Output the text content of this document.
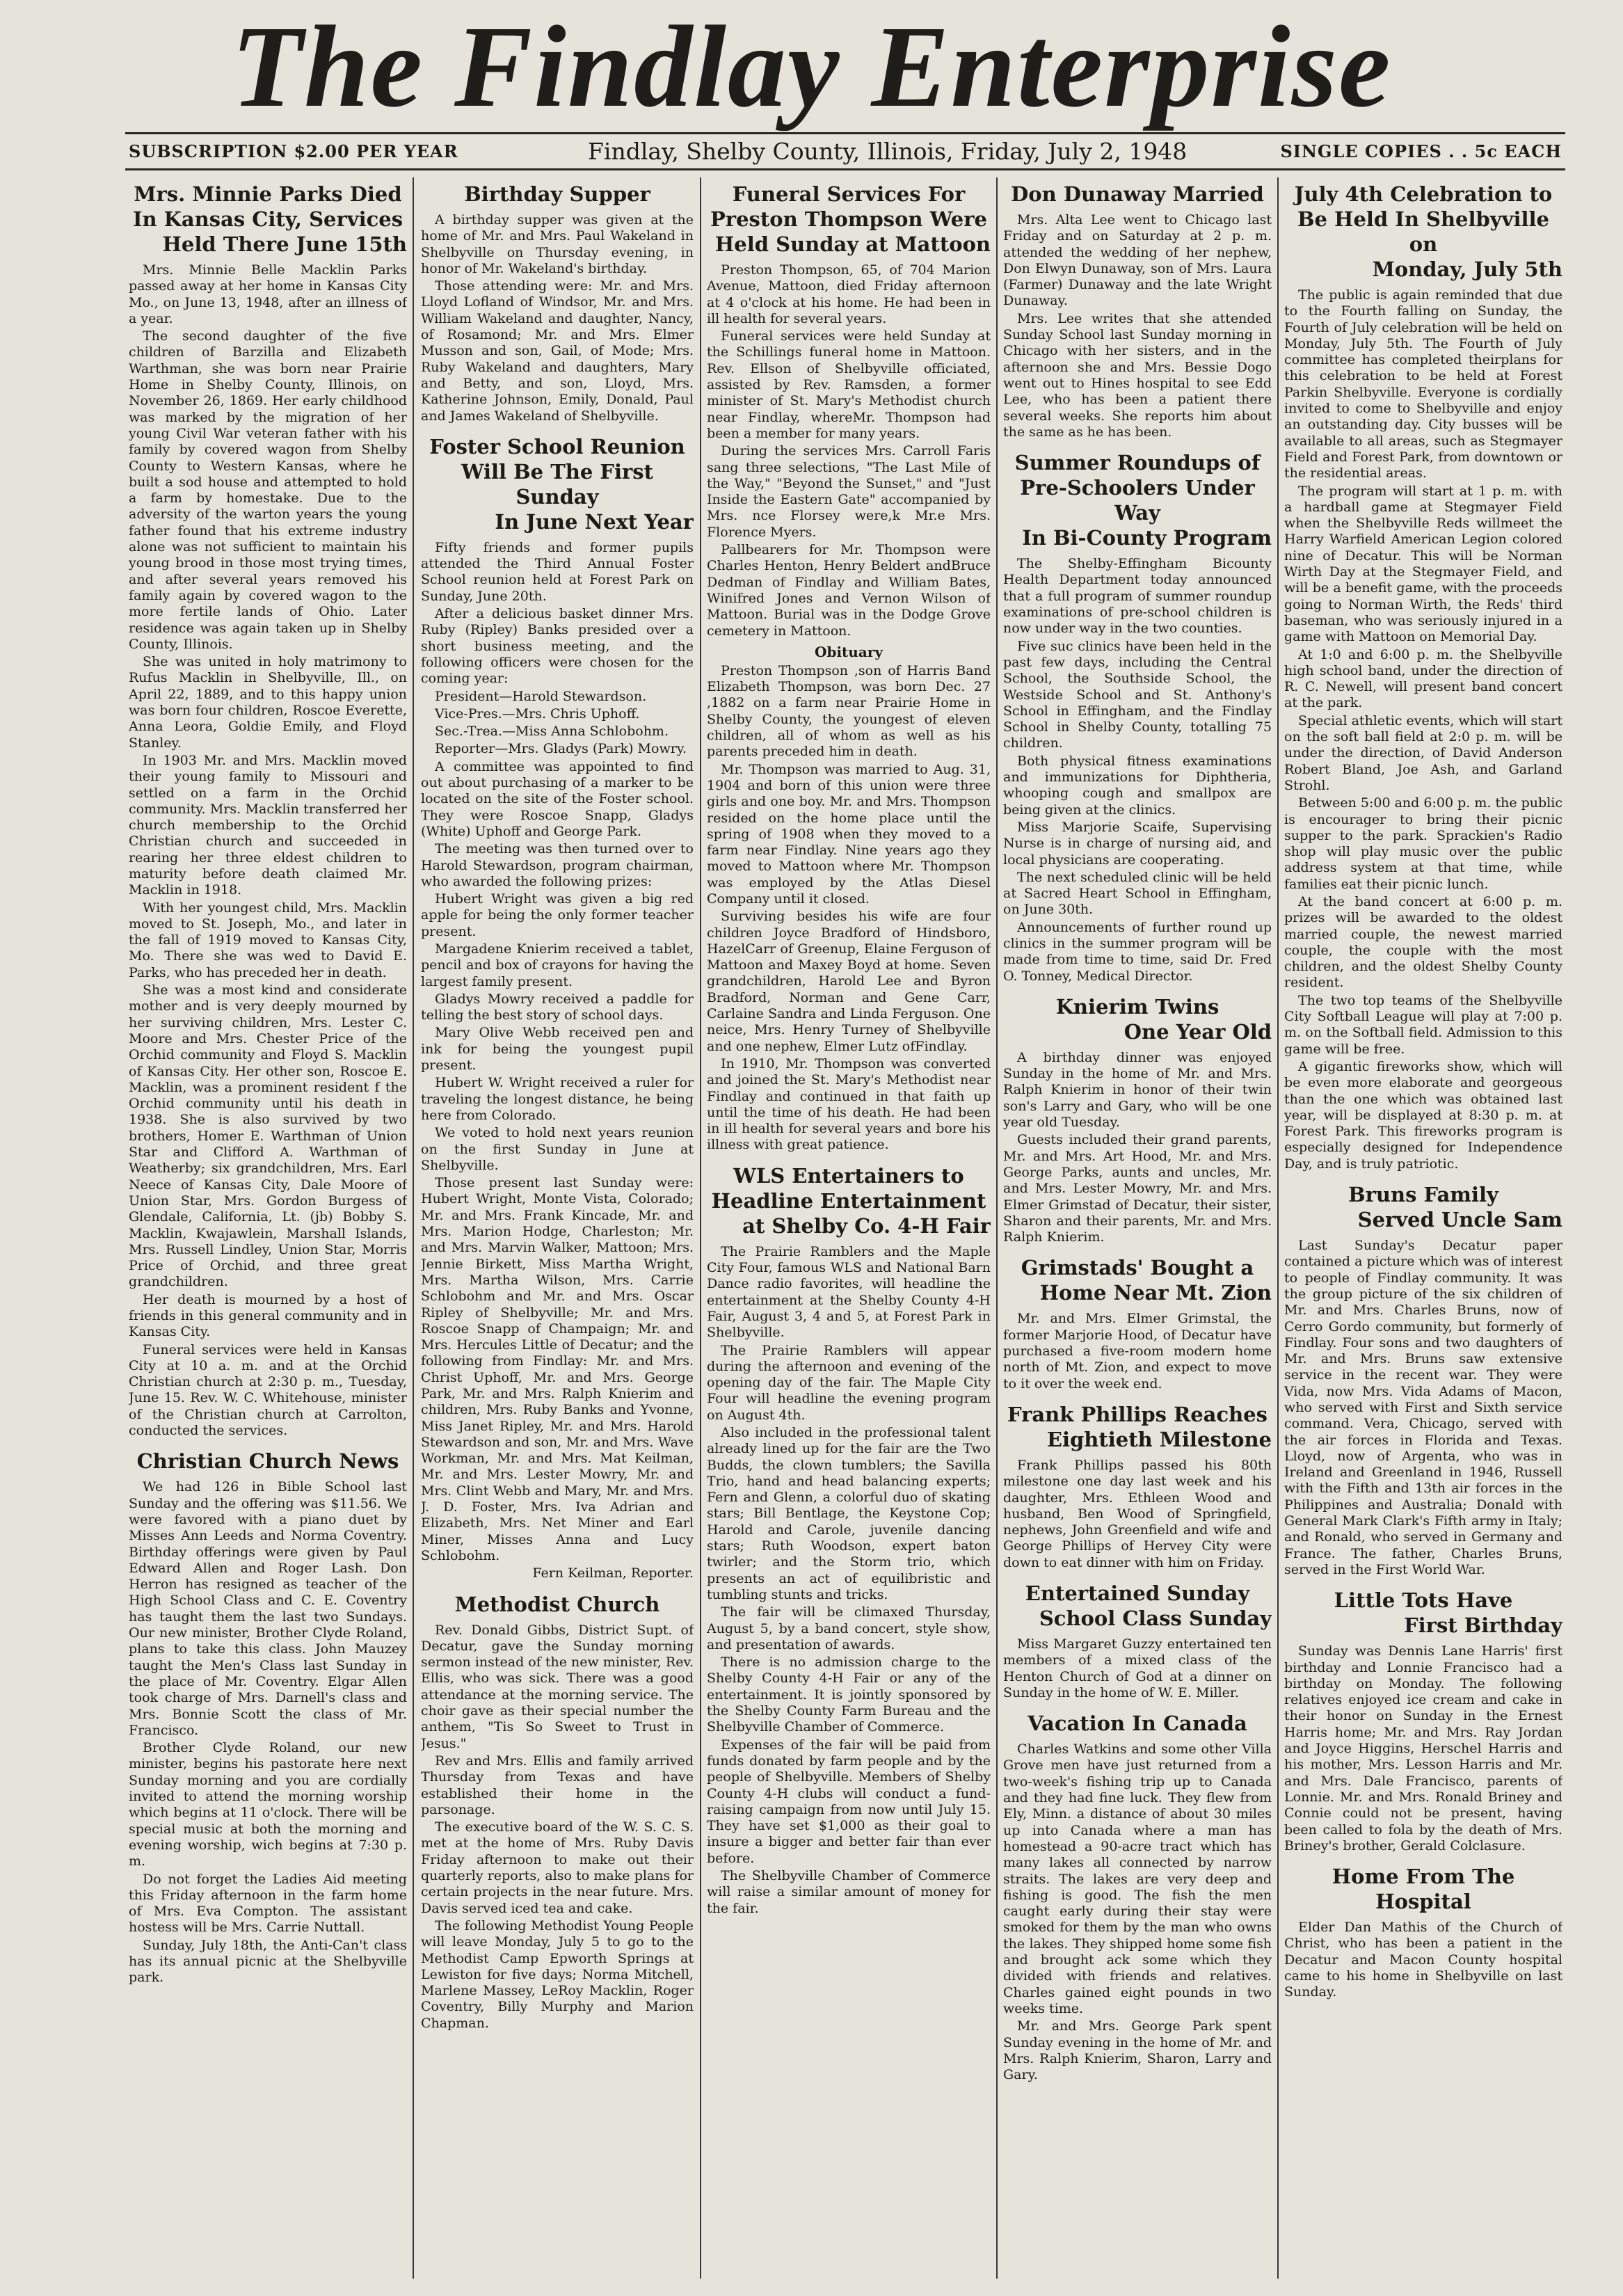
The Findlay Enterprise
SUBSCRIPTION $2.00 PER YEAR	Findlay, Shelby County, Illinois, Friday, July 2, 1948	SINGLE COPIES . . 5c EACH
Mrs. Minnie Parks Died In Kansas City, Services
Held There June 15th

Mrs. Minnie Belle Macklin Parks passed away at her home in Kansas City Mo., on June 13, 1948, after an illness of a year.

The second daughter of the five children of Barzilla and Elizabeth Warthman, she was born near Prairie Home in Shelby County, Illinois, on November 26, 1869. Her early childhood was marked by the migration of her young Civil War veteran father with his family by covered wagon from Shelby County to Western Kansas, where he built a sod house and attempted to hold a farm by homestake. Due to the adversity of the warton years the young father found that his extreme industry alone was not sufficient to maintain his young brood in those most trying times, and after several years removed his family again by covered wagon to the more fertile lands of Ohio. Later residence was again taken up in Shelby County, Illinois.

She was united in holy matrimony to Rufus Macklin in Shelbyville, Ill., on April 22, 1889, and to this happy union was born four children, Roscoe Everette, Anna Leora, Goldie Emily, and Floyd Stanley.

In 1903 Mr. and Mrs. Macklin moved their young family to Missouri and settled on a farm in the Orchid community. Mrs. Macklin transferred her church membership to the Orchid Christian church and succeeded in rearing her three eldest children to maturity before death claimed Mr. Macklin in 1918.

With her youngest child, Mrs. Macklin moved to St. Joseph, Mo., and later in the fall of 1919 moved to Kansas City, Mo. There she was wed to David E. Parks, who has preceded her in death.

She was a most kind and considerate mother and is very deeply mourned by her surviving children, Mrs. Lester C. Moore and Mrs. Chester Price of the Orchid community and Floyd S. Macklin of Kansas City. Her other son, Roscoe E. Macklin, was a prominent resident f the Orchid community until his death in 1938. She is also survived by two brothers, Homer E. Warthman of Union Star and Clifford A. Warthman of Weatherby; six grandchildren, Mrs. Earl Neece of Kansas City, Dale Moore of Union Star, Mrs. Gordon Burgess of Glendale, California, Lt. (jb) Bobby S. Macklin, Kwajawlein, Marshall Islands, Mrs. Russell Lindley, Union Star, Morris Price of Orchid, and three great grandchildren.

Her death is mourned by a host of friends in this general community and in Kansas City.

Funeral services were held in Kansas City at 10 a. m. and at the Orchid Christian church at 2:30 p. m., Tuesday, June 15. Rev. W. C. Whitehouse, minister of the Christian church at Carrolton, conducted the services.

Christian Church News

We had 126 in Bible School last Sunday and the offering was $11.56. We were favored with a piano duet by Misses Ann Leeds and Norma Coventry. Birthday offerings were given by Paul Edward Allen and Roger Lash. Don Herron has resigned as teacher of the High School Class and C. E. Coventry has taught them the last two Sundays. Our new minister, Brother Clyde Roland, plans to take this class. John Mauzey taught the Men's Class last Sunday in the place of Mr. Coventry. Elgar Allen took charge of Mrs. Darnell's class and Mrs. Bonnie Scott the class of Mr. Francisco.

Brother Clyde Roland, our new minister, begins his pastorate here next Sunday morning and you are cordially invited to attend the morning worship which begins at 11 o'clock. There will be special music at both the morning and evening worship, wich begins at 7:30 p. m.

Do not forget the Ladies Aid meeting this Friday afternoon in the farm home of Mrs. Eva Compton. The assistant hostess will be Mrs. Carrie Nuttall.

Sunday, July 18th, the Anti-Can't class has its annual picnic at the Shelbyville park.

Birthday Supper

A birthday supper was given at the home of Mr. and Mrs. Paul Wakeland in Shelbyville on Thursday evening, in honor of Mr. Wakeland's birthday.

Those attending were: Mr. and Mrs. Lloyd Lofland of Windsor, Mr. and Mrs. William Wakeland and daughter, Nancy, of Rosamond; Mr. and Mrs. Elmer Musson and son, Gail, of Mode; Mrs. Ruby Wakeland and daughters, Mary and Betty, and son, Lloyd, Mrs. Katherine Johnson, Emily, Donald, Paul and James Wakeland of Shelbyville.

Foster School Reunion Will Be The First Sunday
In June Next Year

Fifty friends and former pupils attended the Third Annual Foster School reunion held at Forest Park on Sunday, June 20th.

After a delicious basket dinner Mrs. Ruby (Ripley) Banks presided over a short business meeting, and the following officers were chosen for the coming year:

President—Harold Stewardson.

Vice-Pres.—Mrs. Chris Uphoff.

Sec.-Trea.—Miss Anna Schlobohm.

Reporter—Mrs. Gladys (Park) Mowry.

A committee was appointed to find out about purchasing of a marker to be located on the site of the Foster school. They were Roscoe Snapp, Gladys (White) Uphoff and George Park.

The meeting was then turned over to Harold Stewardson, program chairman, who awarded the following prizes:

Hubert Wright was given a big red apple for being the only former teacher present.

Margadene Knierim received a tablet, pencil and box of crayons for having the largest family present.

Gladys Mowry received a paddle for telling the best story of school days.

Mary Olive Webb received pen and ink for being the youngest pupil present.

Hubert W. Wright received a ruler for traveling the longest distance, he being here from Colorado.

We voted to hold next years reunion on the first Sunday in June at Shelbyville.

Those present last Sunday were: Hubert Wright, Monte Vista, Colorado; Mr. and Mrs. Frank Kincade, Mr. and Mrs. Marion Hodge, Charleston; Mr. and Mrs. Marvin Walker, Mattoon; Mrs. Jennie Birkett, Miss Martha Wright, Mrs. Martha Wilson, Mrs. Carrie Schlobohm and Mr. and Mrs. Oscar Ripley of Shelbyville; Mr. and Mrs. Roscoe Snapp of Champaign; Mr. and Mrs. Hercules Little of Decatur; and the following from Findlay: Mr. and Mrs. Christ Uphoff, Mr. and Mrs. George Park, Mr. and Mrs. Ralph Knierim and children, Mrs. Ruby Banks and Yvonne, Miss Janet Ripley, Mr. and Mrs. Harold Stewardson and son, Mr. and Mrs. Wave Workman, Mr. and Mrs. Mat Keilman, Mr. and Mrs. Lester Mowry, Mr. and Mrs. Clint Webb and Mary, Mr. and Mrs. J. D. Foster, Mrs. Iva Adrian and Elizabeth, Mrs. Net Miner and Earl Miner, Misses Anna and Lucy Schlobohm.

Fern Keilman, Reporter.

Methodist Church

Rev. Donald Gibbs, District Supt. of Decatur, gave the Sunday morning sermon instead of the new minister, Rev. Ellis, who was sick. There was a good attendance at the morning service. The choir gave as their special number the anthem, "Tis So Sweet to Trust in Jesus."

Rev and Mrs. Ellis and family arrived Thursday from Texas and have established their home in the parsonage.

The executive board of the W. S. C. S. met at the home of Mrs. Ruby Davis Friday afternoon to make out their quarterly reports, also to make plans for certain projects in the near future. Mrs. Davis served iced tea and cake.

The following Methodist Young People will leave Monday, July 5 to go to the Methodist Camp Epworth Springs at Lewiston for five days; Norma Mitchell, Marlene Massey, LeRoy Macklin, Roger Coventry, Billy Murphy and Marion Chapman.

Funeral Services For Preston Thompson Were
Held Sunday at Mattoon

Preston Thompson, 65, of 704 Marion Avenue, Mattoon, died Friday afternoon at 4 o'clock at his home. He had been in ill health for several years.

Funeral services were held Sunday at the Schillings funeral home in Mattoon. Rev. Ellson of Shelbyville officiated, assisted by Rev. Ramsden, a former minister of St. Mary's Methodist church near Findlay, whereMr. Thompson had been a member for many years.

During the services Mrs. Carroll Faris sang three selections, "The Last Mile of the Way," "Beyond the Sunset," and "Just Inside the Eastern Gate" accompanied by Mrs. nce Florsey were,k Mr.e Mrs. Florence Myers.

Pallbearers for Mr. Thompson were Charles Henton, Henry Beldert andBruce Dedman of Findlay and William Bates, Winifred Jones and Vernon Wilson of Mattoon. Burial was in the Dodge Grove cemetery in Mattoon.

Obituary

Preston Thompson ,son of Harris Band Elizabeth Thompson, was born Dec. 27 ,1882 on a farm near Prairie Home in Shelby County, the youngest of eleven children, all of whom as well as his parents preceded him in death.

Mr. Thompson was married to Aug. 31, 1904 and born of this union were three girls and one boy. Mr. and Mrs. Thompson resided on the home place until the spring of 1908 when they moved to a farm near Findlay. Nine years ago they moved to Mattoon where Mr. Thompson was employed by the Atlas Diesel Company until it closed.

Surviving besides his wife are four children Joyce Bradford of Hindsboro, HazelCarr of Greenup, Elaine Ferguson of Mattoon and Maxey Boyd at home. Seven grandchildren, Harold Lee and Byron Bradford, Norman and Gene Carr, Carlaine Sandra and Linda Ferguson. One neice, Mrs. Henry Turney of Shelbyville and one nephew, Elmer Lutz ofFindlay.

In 1910, Mr. Thompson was converted and joined the St. Mary's Methodist near Findlay and continued in that faith up until the time of his death. He had been in ill health for several years and bore his illness with great patience.

WLS Entertainers to Headline Entertainment
at Shelby Co. 4-H Fair

The Prairie Ramblers and the Maple City Four, famous WLS and National Barn Dance radio favorites, will headline the entertainment at the Shelby County 4-H Fair, August 3, 4 and 5, at Forest Park in Shelbyville.

The Prairie Ramblers will appear during the afternoon and evening of the opening day of the fair. The Maple City Four will headline the evening program on August 4th.

Also included in the professional talent already lined up for the fair are the Two Budds, the clown tumblers; the Savilla Trio, hand and head balancing experts; Fern and Glenn, a colorful duo of skating stars; Bill Bentlage, the Keystone Cop; Harold and Carole, juvenile dancing stars; Ruth Woodson, expert baton twirler; and the Storm trio, which presents an act of equilibristic and tumbling stunts and tricks.

The fair will be climaxed Thursday, August 5, by a band concert, style show, and presentation of awards.

There is no admission charge to the Shelby County 4-H Fair or any of the entertainment. It is jointly sponsored by the Shelby County Farm Bureau and the Shelbyville Chamber of Commerce.

Expenses of the fair will be paid from funds donated by farm people and by the people of Shelbyville. Members of Shelby County 4-H clubs will conduct a fund-raising campaign from now until July 15. They have set $1,000 as their goal to insure a bigger and better fair than ever before.

The Shelbyville Chamber of Commerce will raise a similar amount of money for the fair.

Don Dunaway Married

Mrs. Alta Lee went to Chicago last Friday and on Saturday at 2 p. m. attended the wedding of her nephew, Don Elwyn Dunaway, son of Mrs. Laura (Farmer) Dunaway and the late Wright Dunaway.

Mrs. Lee writes that she attended Sunday School last Sunday morning in Chicago with her sisters, and in the afternoon she and Mrs. Bessie Dogo went out to Hines hospital to see Edd Lee, who has been a patient there several weeks. She reports him about the same as he has been.

Summer Roundups of Pre-Schoolers Under Way
In Bi-County Program

The Shelby-Effingham Bicounty Health Department today announced that a full program of summer roundup examinations of pre-school children is now under way in the two counties.

Five suc clinics have been held in the past few days, including the Central School, the Southside School, the Westside School and St. Anthony's School in Effingham, and the Findlay School in Shelby County, totalling 75 children.

Both physical fitness examinations and immunizations for Diphtheria, whooping cough and smallpox are being given at the clinics.

Miss Marjorie Scaife, Supervising Nurse is in charge of nursing aid, and local physicians are cooperating.

The next scheduled clinic will be held at Sacred Heart School in Effingham, on June 30th.

Announcements of further round up clinics in the summer program will be made from time to time, said Dr. Fred O. Tonney, Medical Director.

Knierim Twins
One Year Old

A birthday dinner was enjoyed Sunday in the home of Mr. and Mrs. Ralph Knierim in honor of their twin son's Larry and Gary, who will be one year old Tuesday.

Guests included their grand parents, Mr. and Mrs. Art Hood, Mr. and Mrs. George Parks, aunts and uncles, Mr. and Mrs. Lester Mowry, Mr. and Mrs. Elmer Grimstad of Decatur, their sister, Sharon and their parents, Mr. and Mrs. Ralph Knierim.

Grimstads' Bought a
Home Near Mt. Zion

Mr. and Mrs. Elmer Grimstal, the former Marjorie Hood, of Decatur have purchased a five-room modern home north of Mt. Zion, and expect to move to it over the week end.

Frank Phillips Reaches
Eightieth Milestone

Frank Phillips passed his 80th milestone one day last week and his daughter, Mrs. Ethleen Wood and husband, Ben Wood of Springfield, nephews, John Greenfield and wife and George Phillips of Hervey City were down to eat dinner with him on Friday.

Entertained Sunday
School Class Sunday

Miss Margaret Guzzy entertained ten members of a mixed class of the Henton Church of God at a dinner on Sunday in the home of W. E. Miller.

Vacation In Canada

Charles Watkins and some other Villa Grove men have just returned from a two-week's fishing trip up to Canada and they had fine luck. They flew from Ely, Minn. a distance of about 30 miles up into Canada where a man has homestead a 90-acre tract which has many lakes all connected by narrow straits. The lakes are very deep and fishing is good. The fish the men caught early during their stay were smoked for them by the man who owns the lakes. They shipped home some fish and brought ack some which they divided with friends and relatives. Charles gained eight pounds in two weeks time.

Mr. and Mrs. George Park spent Sunday evening in the home of Mr. and Mrs. Ralph Knierim, Sharon, Larry and Gary.

July 4th Celebration to Be Held In Shelbyville on
Monday, July 5th

The public is again reminded that due to the Fourth falling on Sunday, the Fourth of July celebration will be held on Monday, July 5th. The Fourth of July committee has completed theirplans for this celebration to be held at Forest Parkin Shelbyville. Everyone is cordially invited to come to Shelbyville and enjoy an outstanding day. City busses will be available to all areas, such as Stegmayer Field and Forest Park, from downtown or the residential areas.

The program will start at 1 p. m. with a hardball game at Stegmayer Field when the Shelbyville Reds willmeet the Harry Warfield American Legion colored nine of Decatur. This will be Norman Wirth Day at the Stegmayer Field, and will be a benefit game, with the proceeds going to Norman Wirth, the Reds' third baseman, who was seriously injured in a game with Mattoon on Memorial Day.

At 1:0 and 6:00 p. m. the Shelbyville high school band, under the direction of R. C. Newell, will present band concert at the park.

Special athletic events, which will start on the soft ball field at 2:0 p. m. will be under the direction, of David Anderson Robert Bland, Joe Ash, and Garland Strohl.

Between 5:00 and 6:00 p. m. the public is encourager to bring their picnic supper to the park. Sprackien's Radio shop will play music over the public address system at that time, while families eat their picnic lunch.

At the band concert at 6:00 p. m. prizes will be awarded to the oldest married couple, the newest married couple, the couple with the most children, and the oldest Shelby County resident.

The two top teams of the Shelbyville City Softball League will play at 7:00 p. m. on the Softball field. Admission to this game will be free.

A gigantic fireworks show, which will be even more elaborate and georgeous than the one which was obtained last year, will be displayed at 8:30 p. m. at Forest Park. This fireworks program is especially designed for Independence Day, and is truly patriotic.

Bruns Family
Served Uncle Sam

Last Sunday's Decatur paper contained a picture which was of interest to people of Findlay community. It was the group picture of the six children of Mr. and Mrs. Charles Bruns, now of Cerro Gordo community, but formerly of Findlay. Four sons and two daughters of Mr. and Mrs. Bruns saw extensive service in the recent war. They were Vida, now Mrs. Vida Adams of Macon, who served with First and Sixth service command. Vera, Chicago, served with the air forces in Florida and Texas. Lloyd, now of Argenta, who was in Ireland and Greenland in 1946, Russell with the Fifth and 13th air forces in the Philippines and Australia; Donald with General Mark Clark's Fifth army in Italy; and Ronald, who served in Germany and France. The father, Charles Bruns, served in the First World War.

Little Tots Have
First Birthday

Sunday was Dennis Lane Harris' first birthday and Lonnie Francisco had a birthday on Monday. The following relatives enjoyed ice cream and cake in their honor on Sunday in the Ernest Harris home; Mr. and Mrs. Ray Jordan and Joyce Higgins, Herschel Harris and his mother, Mrs. Lesson Harris and Mr. and Mrs. Dale Francisco, parents of Lonnie. Mr. and Mrs. Ronald Briney and Connie could not be present, having been called to fola by the death of Mrs. Briney's brother, Gerald Colclasure.

Home From The Hospital

Elder Dan Mathis of the Church of Christ, who has been a patient in the Decatur and Macon County hospital came to his home in Shelbyville on last Sunday.
